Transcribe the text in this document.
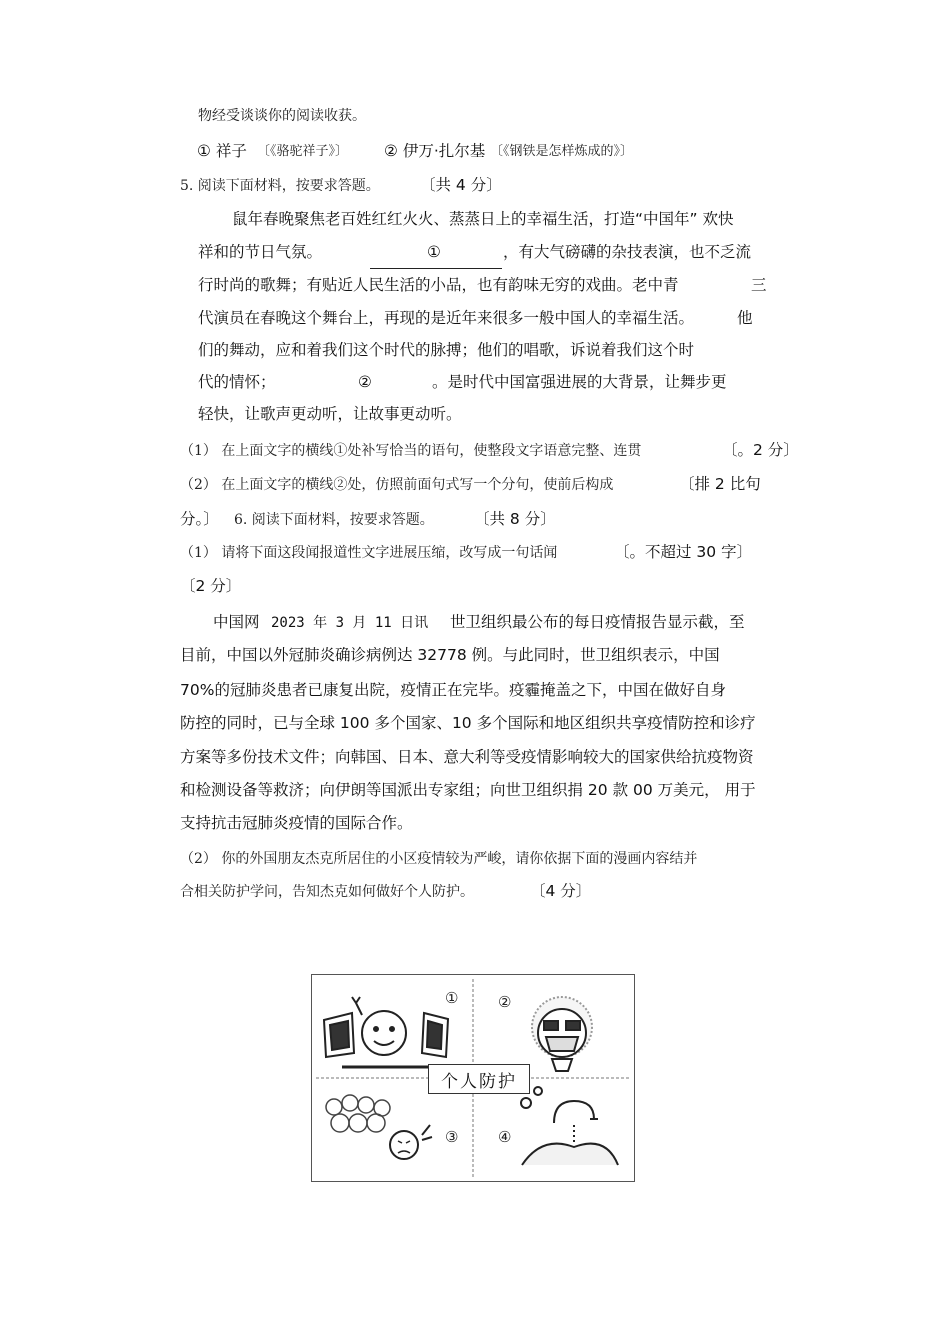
物经受谈谈你的阅读收获。
① 祥子 〔《骆驼祥子》〕 ② 伊万·扎尔基 〔《钢铁是怎样炼成的》〕
5. 阅读下面材料，按要求答题。	〔共 4 分〕
鼠年春晚聚焦老百姓红红火火、蒸蒸日上的幸福生活，打造“中国年” 欢快
祥和的节日气氛。	①	，有大气磅礴的杂技表演，也不乏流
行时尚的歌舞；有贴近人民生活的小品，也有韵味无穷的戏曲。老中青	三
代演员在春晚这个舞台上，再现的是近年来很多一般中国人的幸福生活。	他
们的舞动，应和着我们这个时代的脉搏；他们的唱歌，诉说着我们这个时
代的情怀；	②	。是时代中国富强进展的大背景，让舞步更
轻快，让歌声更动听，让故事更动听。
（1） 在上面文字的横线①处补写恰当的语句，使整段文字语意完整、连贯	〔。2 分〕
（2） 在上面文字的横线②处，仿照前面句式写一个分句，使前后构成	〔排 2 比句
分。〕 6. 阅读下面材料，按要求答题。	〔共 8 分〕
（1） 请将下面这段闻报道性文字进展压缩，改写成一句话闻	〔。不超过 30 字〕
〔2 分〕
中国网 2023 年 3 月 11 日讯 世卫组织最公布的每日疫情报告显示截，至
目前，中国以外冠肺炎确诊病例达 32778 例。与此同时，世卫组织表示，中国
70%的冠肺炎患者已康复出院，疫情正在完毕。疫霾掩盖之下，中国在做好自身
防控的同时，已与全球 100 多个国家、10 多个国际和地区组织共享疫情防控和诊疗
方案等多份技术文件；向韩国、日本、意大利等受疫情影响较大的国家供给抗疫物资
和检测设备等救济；向伊朗等国派出专家组；向世卫组织捐 20 款 00 万美元， 用于
支持抗击冠肺炎疫情的国际合作。
（2） 你的外国朋友杰克所居住的小区疫情较为严峻，请你依据下面的漫画内容结并
合相关防护学问，告知杰克如何做好个人防护。	〔4 分〕
①	②
③	④
个人防护
